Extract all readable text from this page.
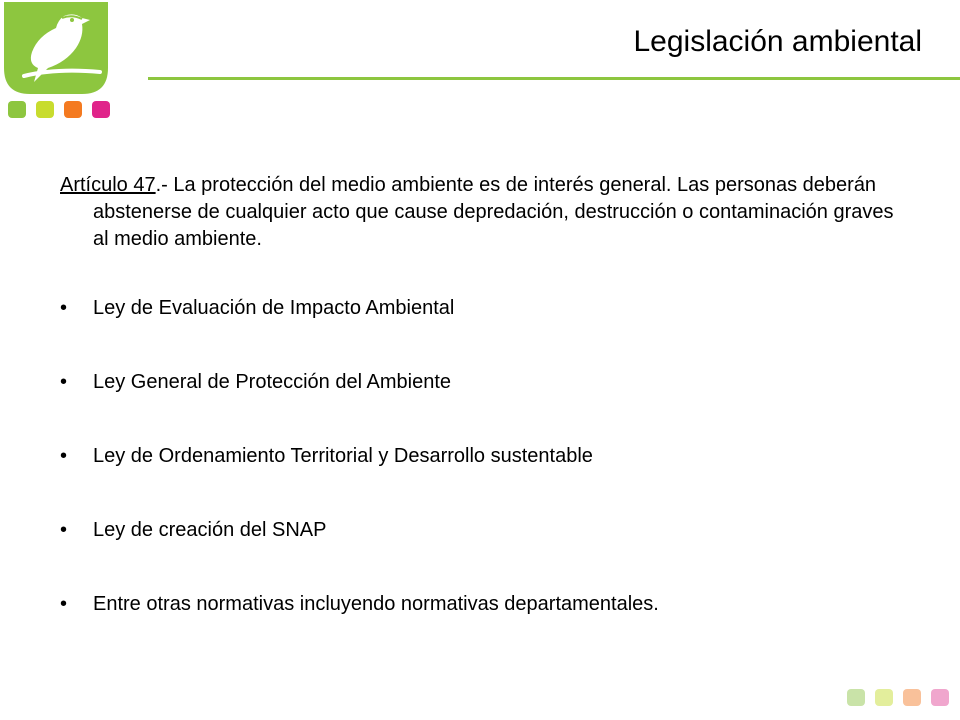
Legislación ambiental
Artículo 47.- La protección del medio ambiente es de interés general. Las personas deberán abstenerse de cualquier acto que cause depredación, destrucción o contaminación graves al medio ambiente.
•	Ley de Evaluación de Impacto Ambiental
•	Ley General de Protección del Ambiente
•	Ley de Ordenamiento Territorial y Desarrollo sustentable
•	Ley de creación del SNAP
•	Entre otras normativas incluyendo normativas departamentales.
